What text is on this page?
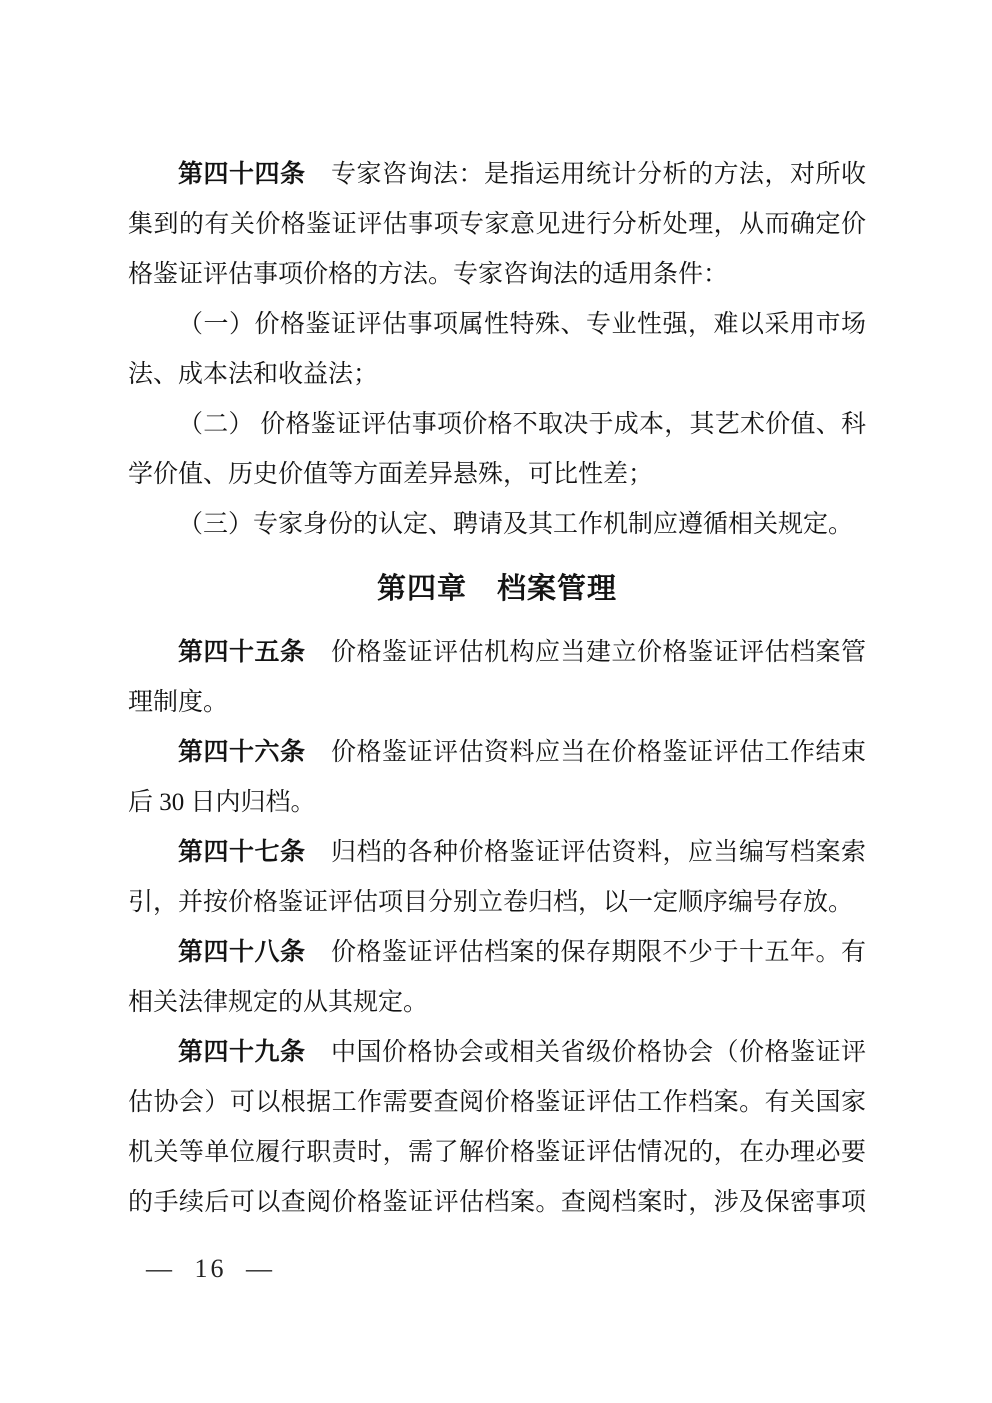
第四十四条　专家咨询法：是指运用统计分析的方法，对所收
集到的有关价格鉴证评估事项专家意见进行分析处理，从而确定价
格鉴证评估事项价格的方法。专家咨询法的适用条件：
（一）价格鉴证评估事项属性特殊、专业性强，难以采用市场
法、成本法和收益法；
（二） 价格鉴证评估事项价格不取决于成本，其艺术价值、科
学价值、历史价值等方面差异悬殊，可比性差；
（三）专家身份的认定、聘请及其工作机制应遵循相关规定。
第四章　档案管理
第四十五条　价格鉴证评估机构应当建立价格鉴证评估档案管
理制度。
第四十六条　价格鉴证评估资料应当在价格鉴证评估工作结束
后 30 日内归档。
第四十七条　归档的各种价格鉴证评估资料，应当编写档案索
引，并按价格鉴证评估项目分别立卷归档，以一定顺序编号存放。
第四十八条　价格鉴证评估档案的保存期限不少于十五年。有
相关法律规定的从其规定。
第四十九条　中国价格协会或相关省级价格协会（价格鉴证评
估协会）可以根据工作需要查阅价格鉴证评估工作档案。有关国家
机关等单位履行职责时，需了解价格鉴证评估情况的，在办理必要
的手续后可以查阅价格鉴证评估档案。查阅档案时，涉及保密事项
— 16 —
